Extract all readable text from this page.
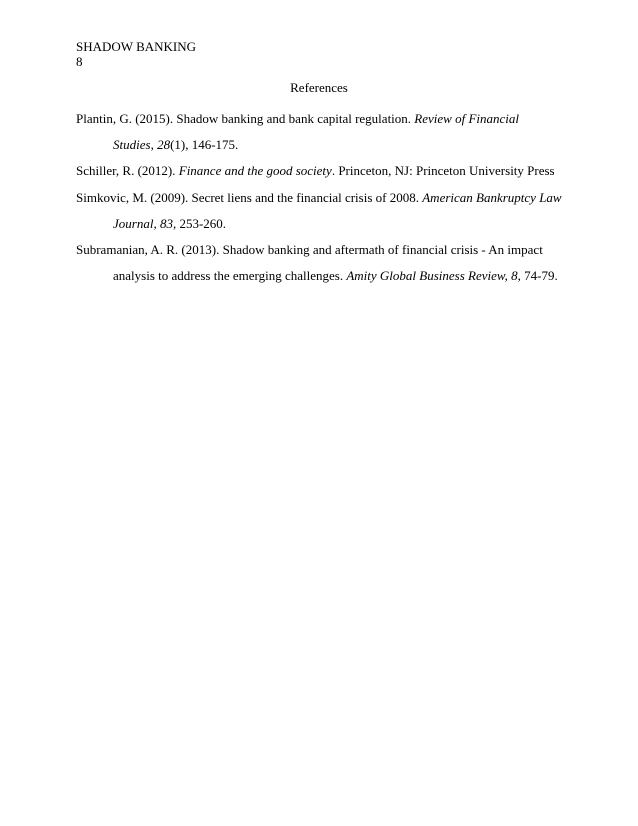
SHADOW BANKING
8
References

Plantin, G. (2015). Shadow banking and bank capital regulation. Review of Financial Studies, 28(1), 146-175.

Schiller, R. (2012). Finance and the good society. Princeton, NJ: Princeton University Press

Simkovic, M. (2009). Secret liens and the financial crisis of 2008. American Bankruptcy Law Journal, 83, 253-260.

Subramanian, A. R. (2013). Shadow banking and aftermath of financial crisis - An impact analysis to address the emerging challenges. Amity Global Business Review, 8, 74-79.
